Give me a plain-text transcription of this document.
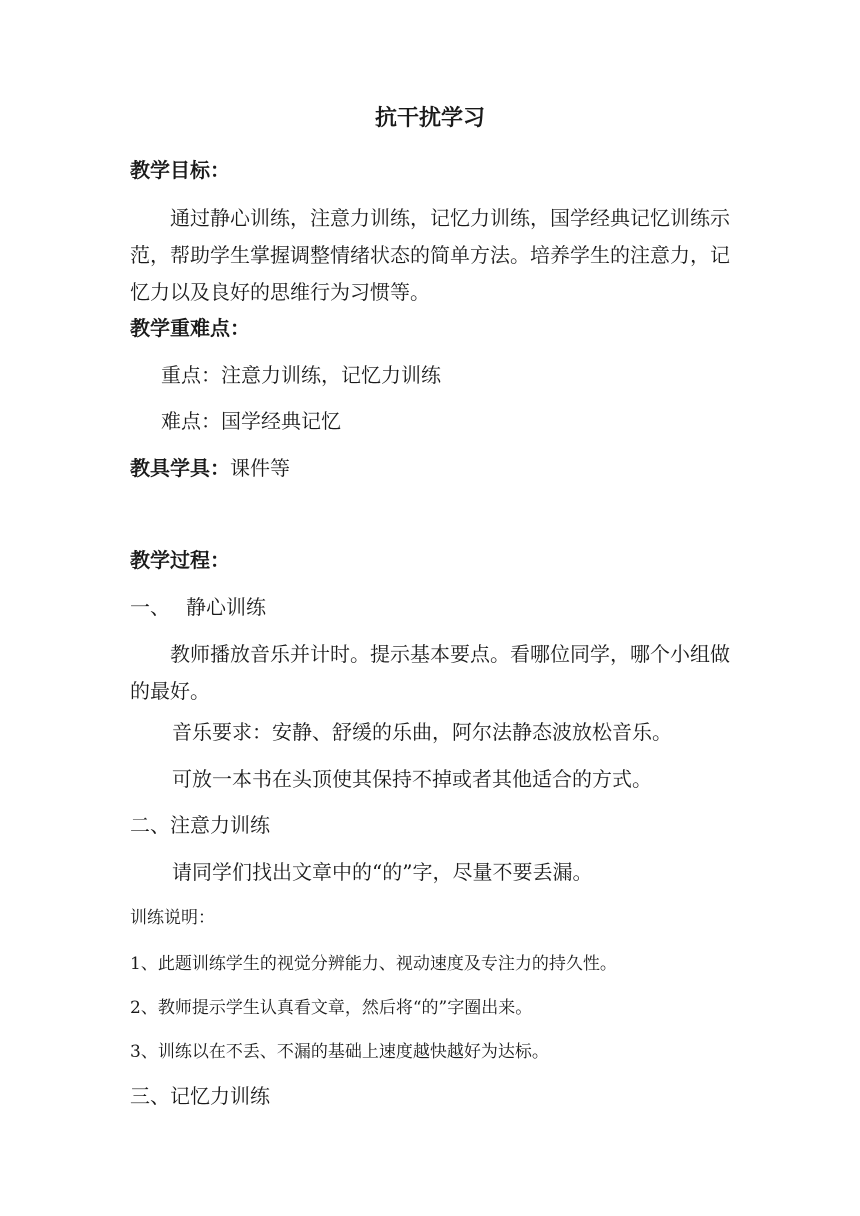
抗干扰学习
教学目标：
通过静心训练，注意力训练，记忆力训练，国学经典记忆训练示范，帮助学生掌握调整情绪状态的简单方法。培养学生的注意力，记忆力以及良好的思维行为习惯等。
教学重难点：
重点：注意力训练，记忆力训练
难点：国学经典记忆
教具学具：课件等
教学过程：
一、 静心训练
教师播放音乐并计时。提示基本要点。看哪位同学，哪个小组做的最好。
音乐要求：安静、舒缓的乐曲，阿尔法静态波放松音乐。
可放一本书在头顶使其保持不掉或者其他适合的方式。
二、注意力训练
请同学们找出文章中的“的”字，尽量不要丢漏。
训练说明：
1、此题训练学生的视觉分辨能力、视动速度及专注力的持久性。
2、教师提示学生认真看文章，然后将“的”字圈出来。
3、训练以在不丢、不漏的基础上速度越快越好为达标。
三、记忆力训练
